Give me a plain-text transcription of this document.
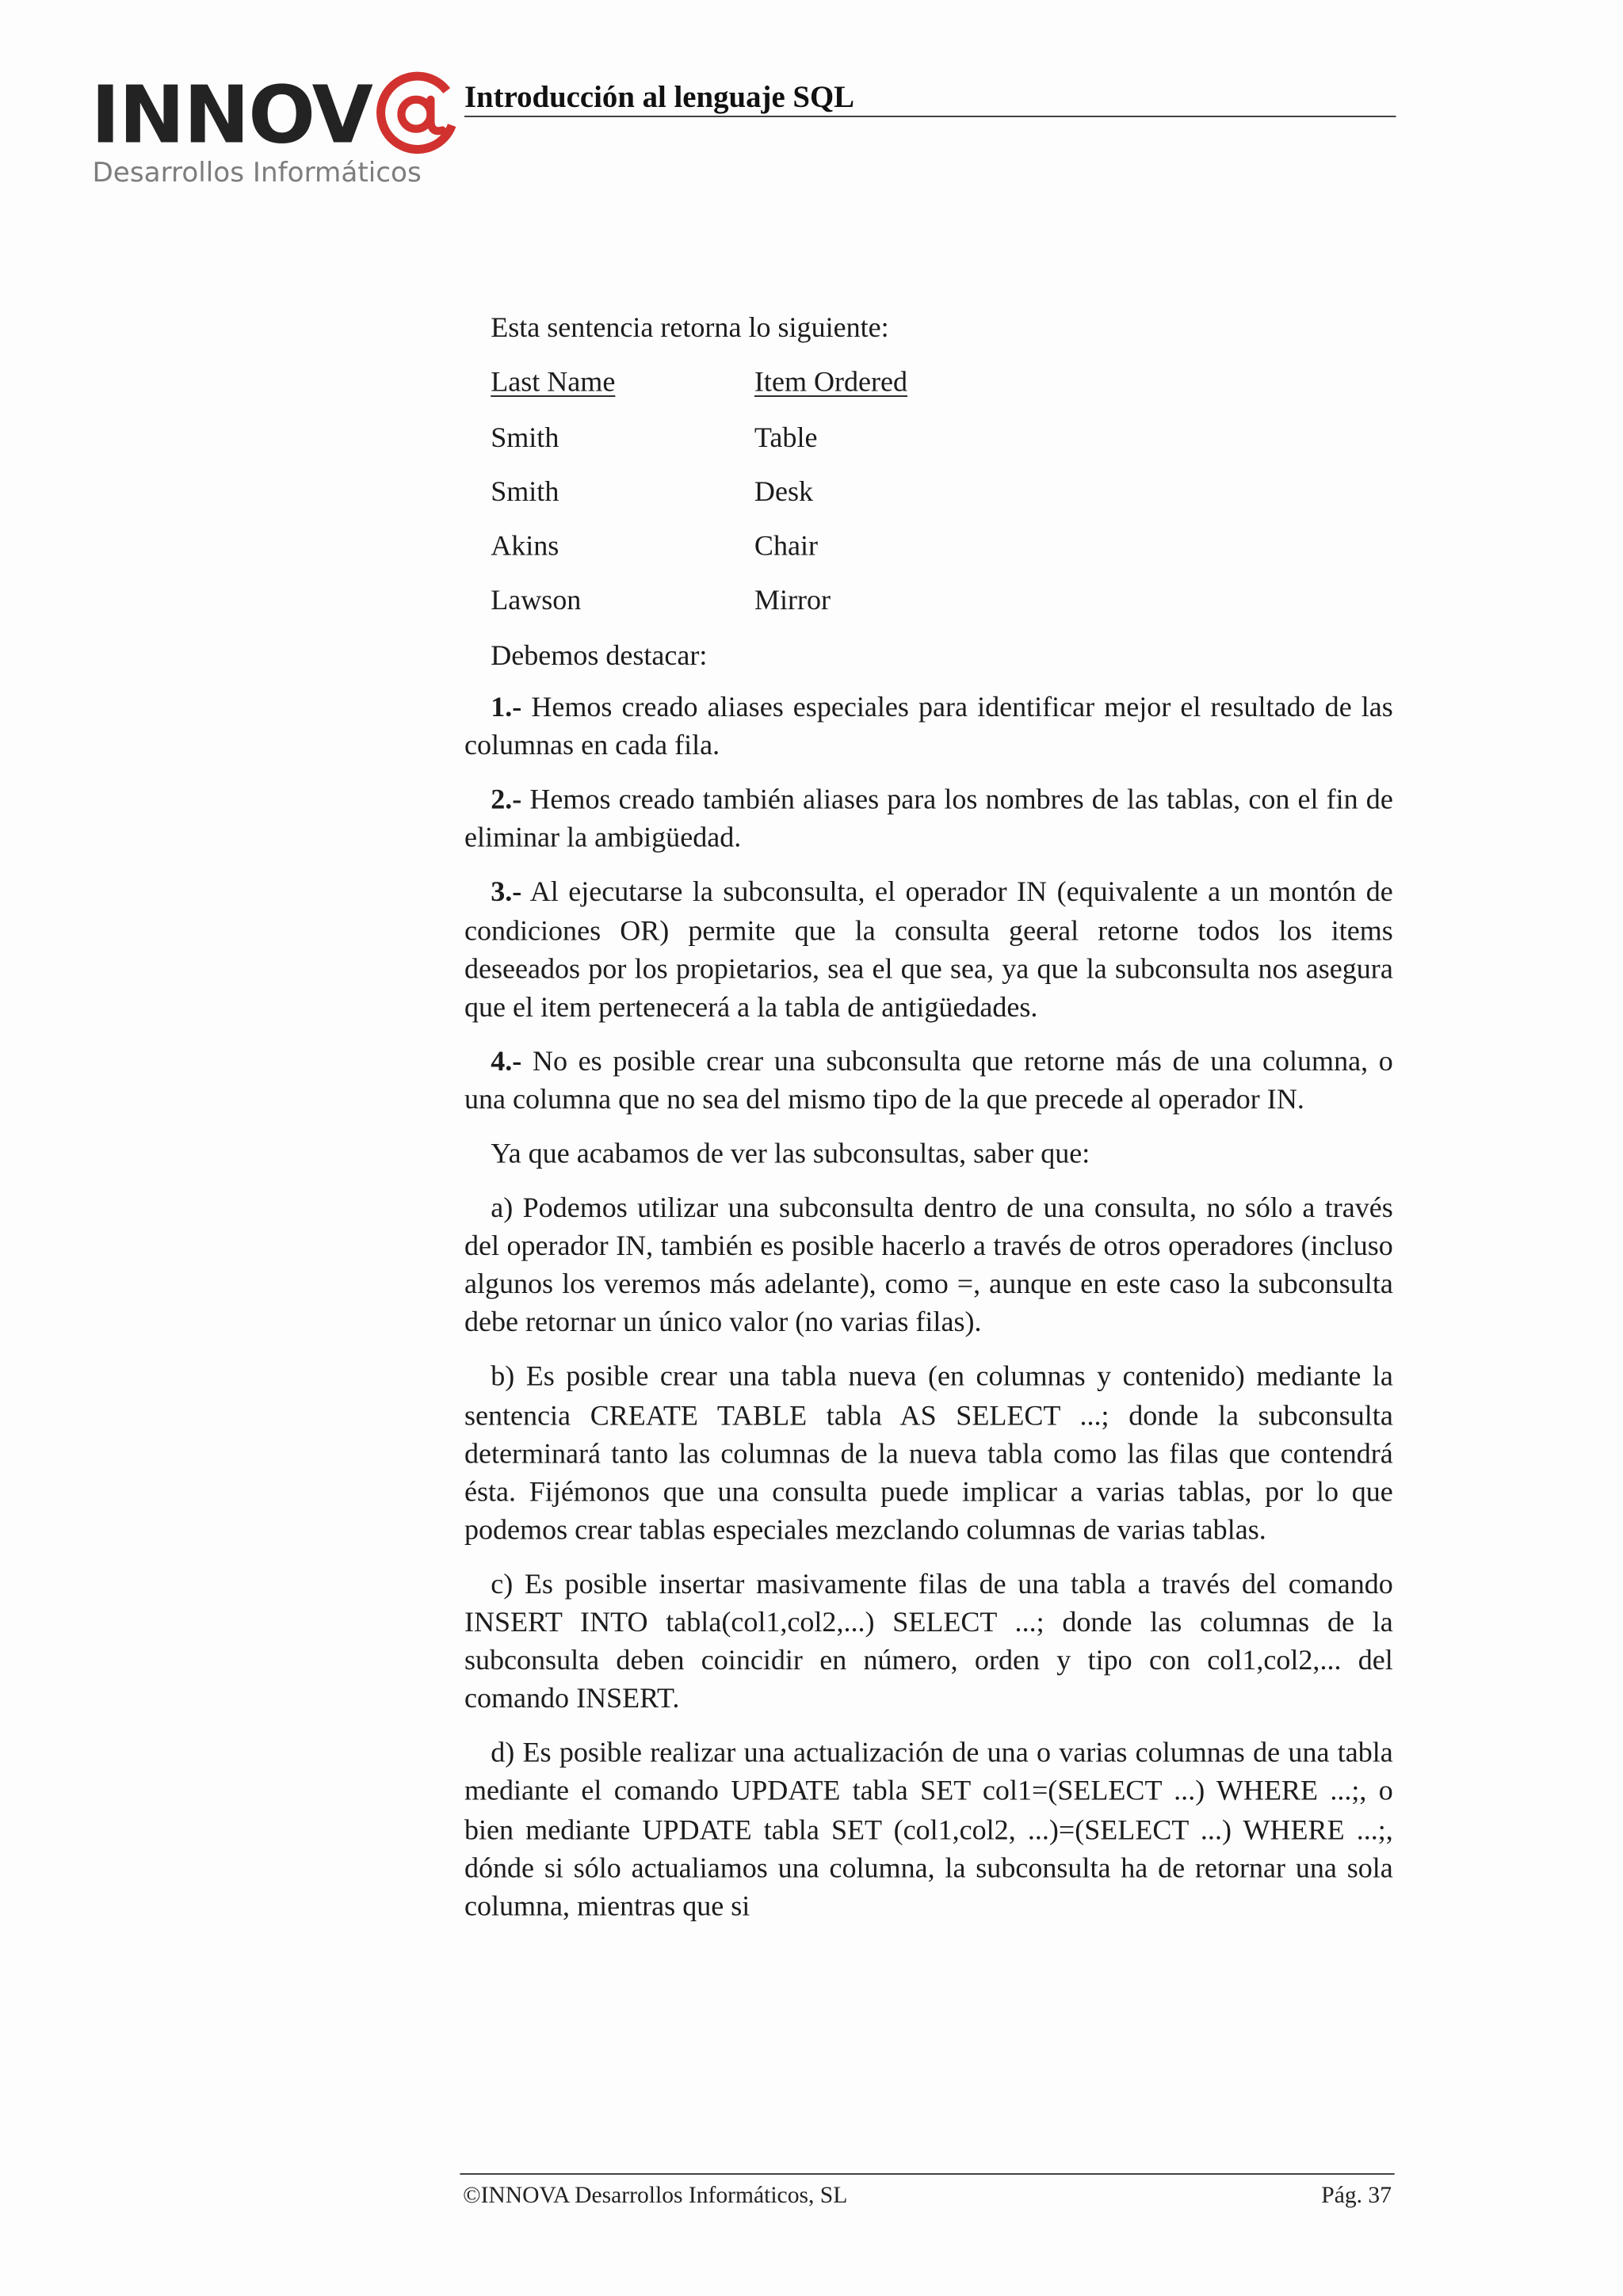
INNOV
Desarrollos Informáticos
Introducción al lenguaje SQL
Esta sentencia retorna lo siguiente:
Last Name	Item Ordered
Smith	Table
Smith	Desk
Akins	Chair
Lawson	Mirror
Debemos destacar:

1.- Hemos creado aliases especiales para identificar mejor el resultado de las columnas en cada fila.

2.- Hemos creado también aliases para los nombres de las tablas, con el fin de eliminar la ambigüedad.

3.- Al ejecutarse la subconsulta, el operador IN (equivalente a un montón de condiciones OR) permite que la consulta geeral retorne todos los items deseeados por los propietarios, sea el que sea, ya que la subconsulta nos asegura que el item pertenecerá a la tabla de antigüedades.

4.- No es posible crear una subconsulta que retorne más de una columna, o una columna que no sea del mismo tipo de la que precede al operador IN.

Ya que acabamos de ver las subconsultas, saber que:

a) Podemos utilizar una subconsulta dentro de una consulta, no sólo a través del operador IN, también es posible hacerlo a través de otros operadores (incluso algunos los veremos más adelante), como =, aunque en este caso la subconsulta debe retornar un único valor (no varias filas).

b) Es posible crear una tabla nueva (en columnas y contenido) mediante la sentencia CREATE TABLE tabla AS SELECT ...; donde la subconsulta determinará tanto las columnas de la nueva tabla como las filas que contendrá ésta. Fijémonos que una consulta puede implicar a varias tablas, por lo que podemos crear tablas especiales mezclando columnas de varias tablas.

c) Es posible insertar masivamente filas de una tabla a través del comando INSERT INTO tabla(col1,col2,...) SELECT ...; donde las columnas de la subconsulta deben coincidir en número, orden y tipo con col1,col2,... del comando INSERT.

d) Es posible realizar una actualización de una o varias columnas de una tabla mediante el comando UPDATE tabla SET col1=(SELECT ...) WHERE ...;, o bien mediante UPDATE tabla SET (col1,col2, ...)=(SELECT ...) WHERE ...;, dónde si sólo actualiamos una columna, la subconsulta ha de retornar una sola columna, mientras que si

©INNOVA Desarrollos Informáticos, SL	Pág. 37
